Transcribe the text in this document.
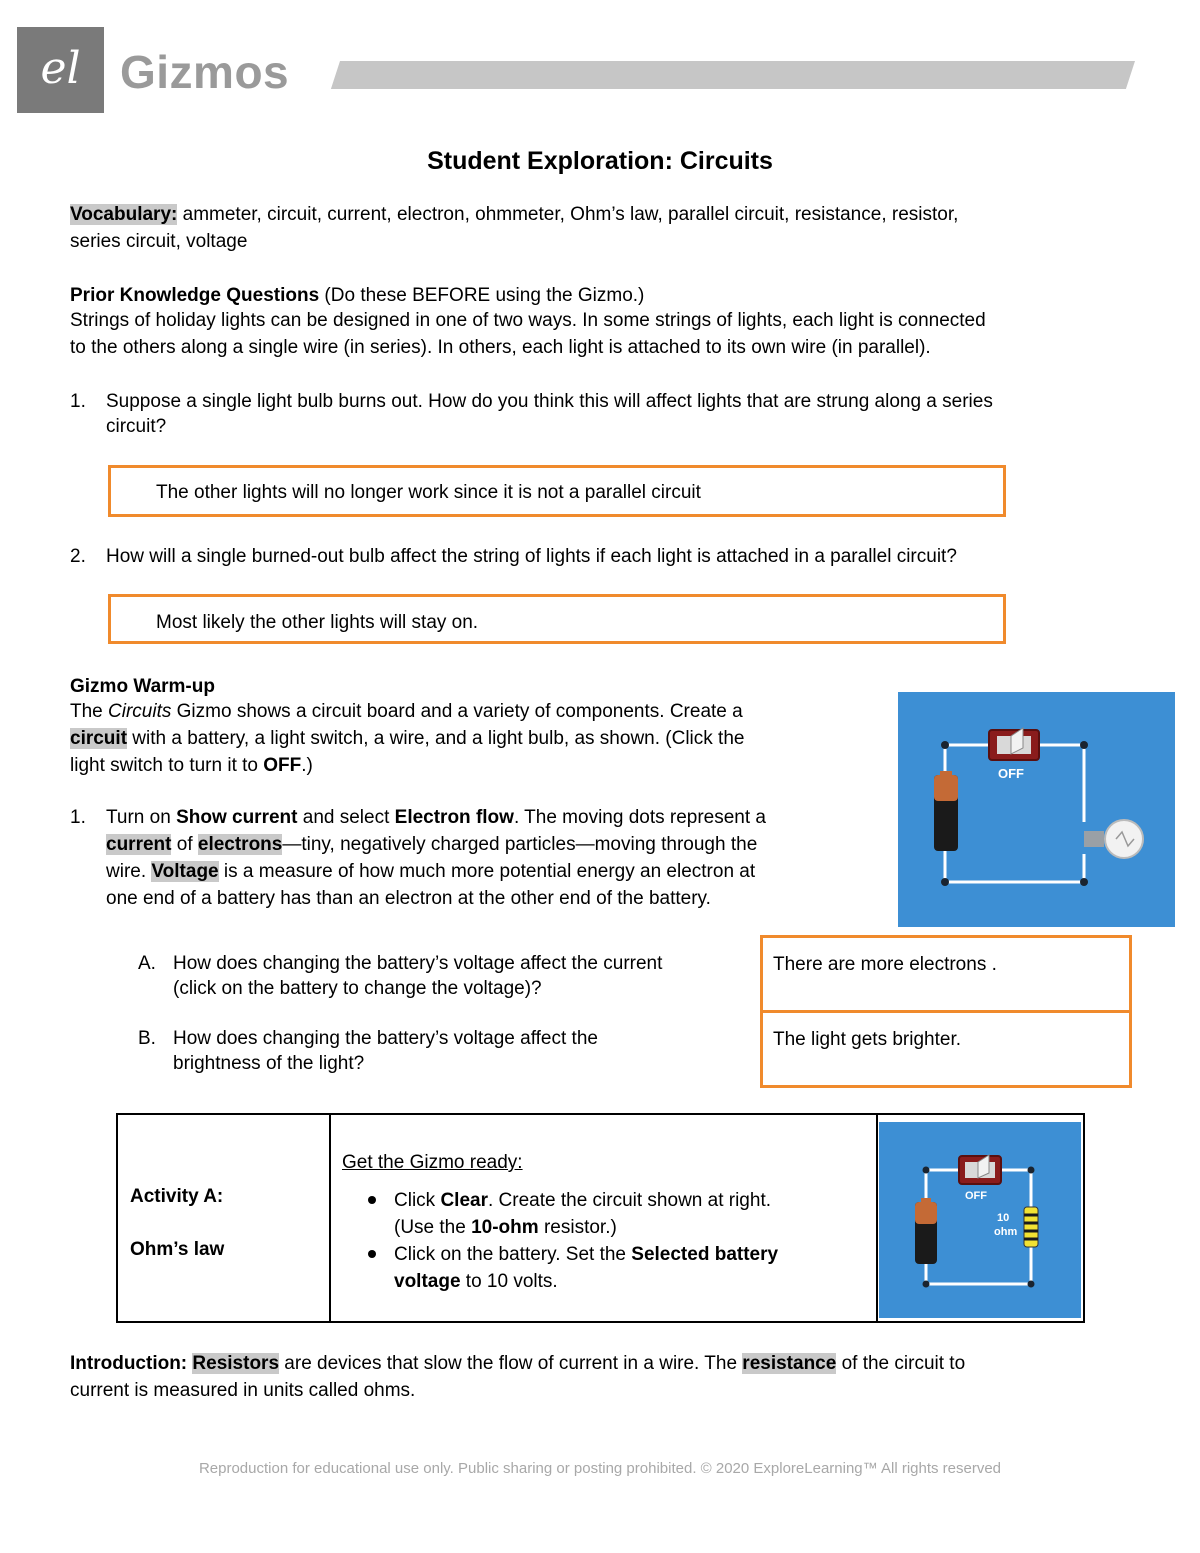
el Gizmos
Student Exploration: Circuits
Vocabulary: ammeter, circuit, current, electron, ohmmeter, Ohm’s law, parallel circuit, resistance, resistor,
series circuit, voltage
Prior Knowledge Questions (Do these BEFORE using the Gizmo.)
Strings of holiday lights can be designed in one of two ways. In some strings of lights, each light is connected
to the others along a single wire (in series). In others, each light is attached to its own wire (in parallel).
1. Suppose a single light bulb burns out. How do you think this will affect lights that are strung along a series
circuit?
The other lights will no longer work since it is not a parallel circuit
2. How will a single burned-out bulb affect the string of lights if each light is attached in a parallel circuit?
Most likely the other lights will stay on.
Gizmo Warm-up
The Circuits Gizmo shows a circuit board and a variety of components. Create a
circuit with a battery, a light switch, a wire, and a light bulb, as shown. (Click the
light switch to turn it to OFF.)
1. Turn on Show current and select Electron flow. The moving dots represent a
current of electrons—tiny, negatively charged particles—moving through the
wire. Voltage is a measure of how much more potential energy an electron at
one end of a battery has than an electron at the other end of the battery.
OFF
A. How does changing the battery’s voltage affect the current
(click on the battery to change the voltage)?
B. How does changing the battery’s voltage affect the
brightness of the light?
There are more electrons .
The light gets brighter.
Activity A:
Ohm’s law

Get the Gizmo ready:
Click Clear. Create the circuit shown at right.
(Use the 10-ohm resistor.)
Click on the battery. Set the Selected battery
voltage to 10 volts.

OFF
10
ohm
Introduction: Resistors are devices that slow the flow of current in a wire. The resistance of the circuit to
current is measured in units called ohms.
Reproduction for educational use only. Public sharing or posting prohibited. © 2020 ExploreLearning™ All rights reserved
